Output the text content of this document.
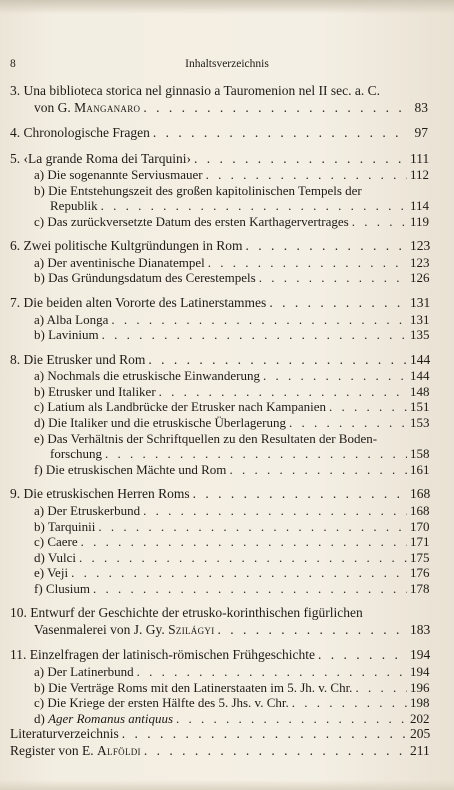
8	Inhaltsverzeichnis
3. Una biblioteca storica nel ginnasio a Tauromenion nel II sec. a. C.
von G. Manganaro . . .	83
4. Chronologische Fragen . . .	97
5. ‹La grande Roma dei Tarquini› . . .	111
a) Die sogenannte Serviusmauer . . .	112
b) Die Entstehungszeit des großen kapitolinischen Tempels der
Republik . . .	114
c) Das zurückversetzte Datum des ersten Karthagervertrages . . .	119
6. Zwei politische Kultgründungen in Rom . . .	123
a) Der aventinische Dianatempel . . .	123
b) Das Gründungsdatum des Cerestempels . . .	126
7. Die beiden alten Vororte des Latinerstammes . . .	131
a) Alba Longa . . .	131
b) Lavinium . . .	135
8. Die Etrusker und Rom . . .	144
a) Nochmals die etruskische Einwanderung . . .	144
b) Etrusker und Italiker . . .	148
c) Latium als Landbrücke der Etrusker nach Kampanien . . .	151
d) Die Italiker und die etruskische Überlagerung . . .	153
e) Das Verhältnis der Schriftquellen zu den Resultaten der Boden-
forschung . . .	158
f) Die etruskischen Mächte und Rom . . .	161
9. Die etruskischen Herren Roms . . .	168
a) Der Etruskerbund . . .	168
b) Tarquinii . . .	170
c) Caere . . .	171
d) Vulci . . .	175
e) Veji . . .	176
f) Clusium . . .	178
10. Entwurf der Geschichte der etrusko-korinthischen figürlichen
Vasenmalerei von J. Gy. Szilágyi . . .	183
11. Einzelfragen der latinisch-römischen Frühgeschichte . . .	194
a) Der Latinerbund . . .	194
b) Die Verträge Roms mit den Latinerstaaten im 5. Jh. v. Chr. . . .	196
c) Die Kriege der ersten Hälfte des 5. Jhs. v. Chr. . . .	198
d) Ager Romanus antiquus . . .	202
Literaturverzeichnis . . .	205
Register von E. Alföldi . . .	211
